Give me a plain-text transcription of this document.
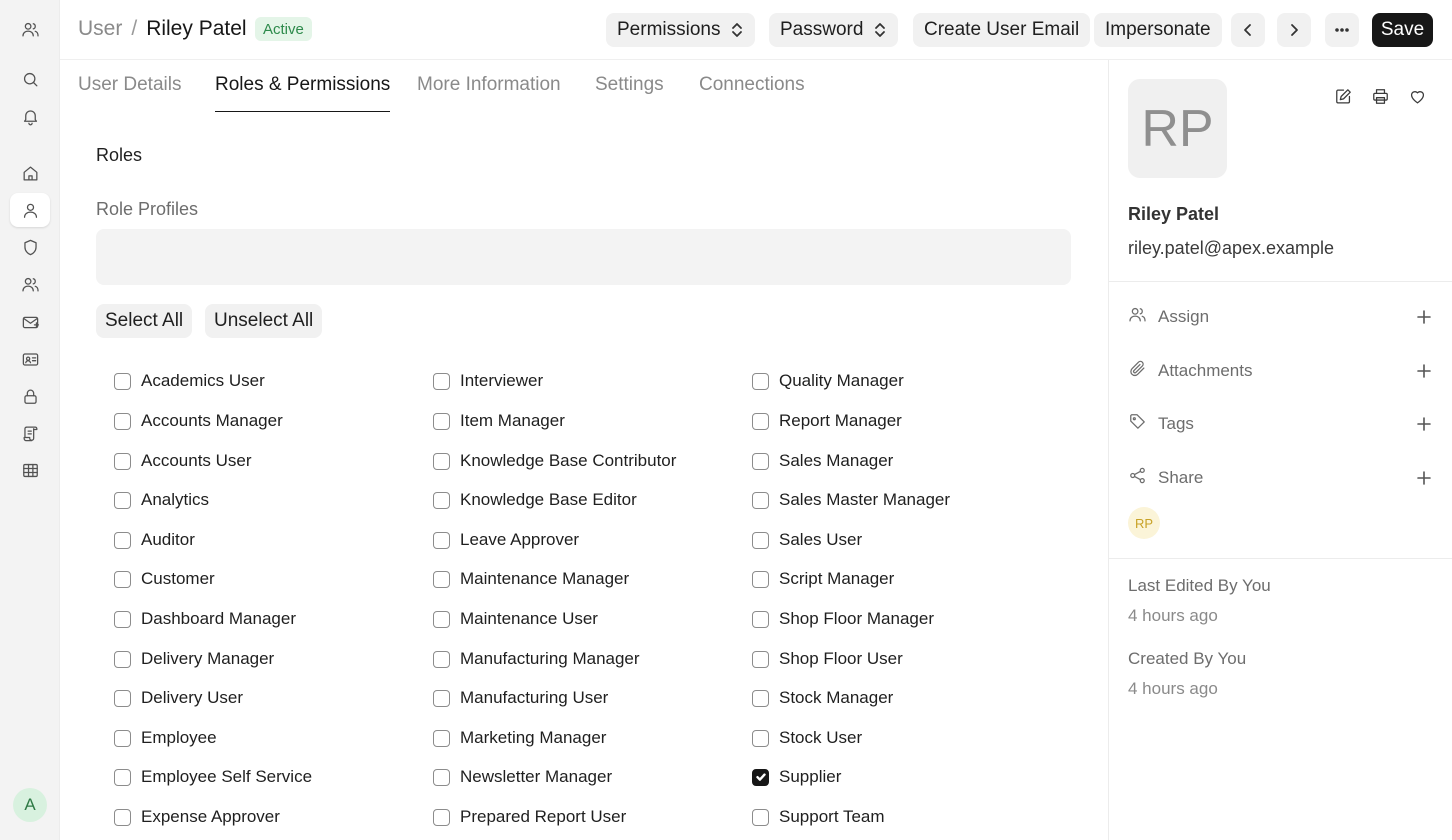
A
User / Riley Patel	Active	Permissions	Password	Create User Email	Impersonate	Save
User Details Roles & Permissions More Information Settings Connections
Roles
Role Profiles
Select All	Unselect All
Academics User
Accounts Manager
Accounts User
Analytics
Auditor
Customer
Dashboard Manager
Delivery Manager
Delivery User
Employee
Employee Self Service
Expense Approver
Interviewer
Item Manager
Knowledge Base Contributor
Knowledge Base Editor
Leave Approver
Maintenance Manager
Maintenance User
Manufacturing Manager
Manufacturing User
Marketing Manager
Newsletter Manager
Prepared Report User
Quality Manager
Report Manager
Sales Manager
Sales Master Manager
Sales User
Script Manager
Shop Floor Manager
Shop Floor User
Stock Manager
Stock User
Supplier
Support Team
RP
Riley Patel
riley.patel@apex.example
Assign
Attachments
Tags
Share
RP
Last Edited By You
4 hours ago
Created By You
4 hours ago
